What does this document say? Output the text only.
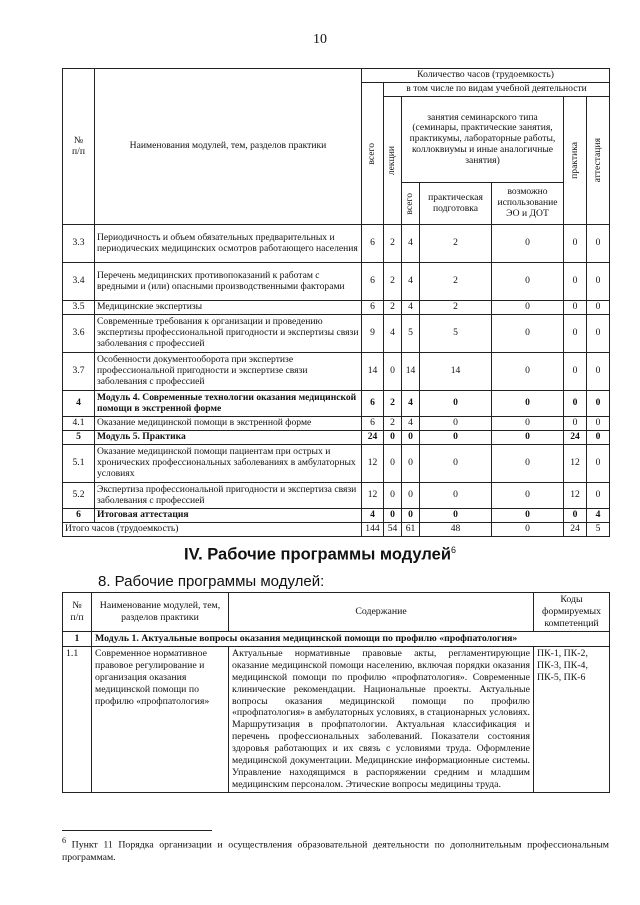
10
№
п/п	Наименования модулей, тем, разделов практики	Количество часов (трудоемкость)						

		всего	в том числе по видам учебной деятельности					

			лекции	занятия семинарского типа (семинары, практические занятия, практикумы, лабораторные работы, коллоквиумы и иные аналогичные занятия)			практика	аттестация

				всего	практическая подготовка	возможно использование ЭО и ДОТ		
3.3	Периодичность и объем обязательных предварительных и периодических медицинских осмотров работающего населения	6	2	4	2	0	0	0
3.4	Перечень медицинских противопоказаний к работам с вредными и (или) опасными производственными факторами	6	2	4	2	0	0	0
3.5	Медицинские экспертизы	6	2	4	2	0	0	0
3.6	Современные требования к организации и проведению экспертизы профессиональной пригодности и экспертизы связи заболевания с профессией	9	4	5	5	0	0	0
3.7	Особенности документооборота при экспертизе профессиональной пригодности и экспертизе связи заболевания с профессией	14	0	14	14	0	0	0
4	Модуль 4. Современные технологии оказания медицинской помощи в экстренной форме	6	2	4	0	0	0	0
4.1	Оказание медицинской помощи в экстренной форме	6	2	4	0	0	0	0
5	Модуль 5. Практика	24	0	0	0	0	24	0
5.1	Оказание медицинской помощи пациентам при острых и хронических профессиональных заболеваниях в амбулаторных условиях	12	0	0	0	0	12	0
5.2	Экспертиза профессиональной пригодности и экспертиза связи заболевания с профессией	12	0	0	0	0	12	0
6	Итоговая аттестация	4	0	0	0	0	0	4
Итого часов (трудоемкость)		144	54	61	48	0	24	5
IV. Рабочие программы модулей$^6$
8. Рабочие программы модулей:
№
п/п	Наименование модулей, тем, разделов практики	Содержание	Коды формируемых компетенций
1	Модуль 1. Актуальные вопросы оказания медицинской помощи по профилю «профпатология»		
1.1	Современное нормативное правовое регулирование и организация оказания медицинской помощи по профилю «профпатология»	Актуальные нормативные правовые акты, регламентирующие оказание медицинской помощи населению, включая порядки оказания медицинской помощи по профилю «профпатология». Современные клинические рекомендации. Национальные проекты. Актуальные вопросы оказания медицинской помощи по профилю «профпатология» в амбулаторных условиях, в стационарных условиях. Маршрутизация в профпатологии. Актуальная классификация и перечень профессиональных заболеваний. Показатели состояния здоровья работающих и их связь с условиями труда. Оформление медицинской документации. Медицинские информационные системы. Управление находящимся в распоряжении средним и младшим медицинским персоналом. Этические вопросы медицины труда.	ПК-1, ПК-2, ПК-3, ПК-4, ПК-5, ПК-6
$^6$ Пункт 11 Порядка организации и осуществления образовательной деятельности по дополнительным профессиональным программам.
